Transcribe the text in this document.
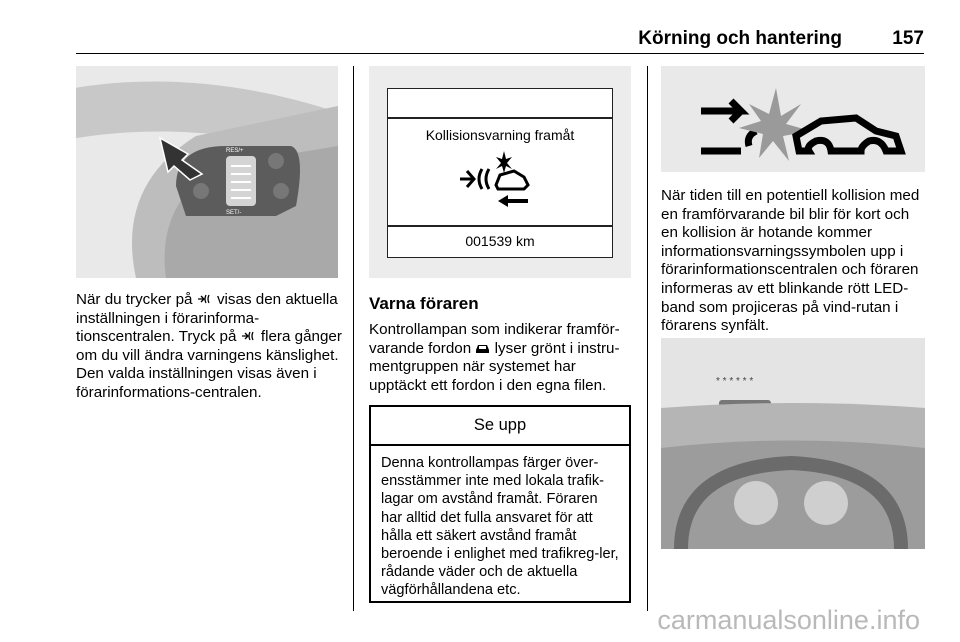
Körning och hantering	157
RES/+
SET/-
När du trycker på visas den aktuella inställningen i förarinforma-tionscentralen. Tryck på flera gånger om du vill ändra varningens känslighet. Den valda inställningen visas även i förarinformations-centralen.
Kollisionsvarning framåt
001539 km
Varna föraren
Kontrollampan som indikerar framför-varande fordon lyser grönt i instru-mentgruppen när systemet har upptäckt ett fordon i den egna filen.
Se upp
Denna kontrollampas färger över-ensstämmer inte med lokala trafik-lagar om avstånd framåt. Föraren har alltid det fulla ansvaret för att hålla ett säkert avstånd framåt beroende i enlighet med trafikreg-ler, rådande väder och de aktuella vägförhållandena etc.
När tiden till en potentiell kollision med en framförvarande bil blir för kort och en kollision är hotande kommer informationsvarningssymbolen upp i förarinformationscentralen och föraren informeras av ett blinkande rött LED-band som projiceras på vind-rutan i förarens synfält.
* * * * * *
carmanualsonline.info
